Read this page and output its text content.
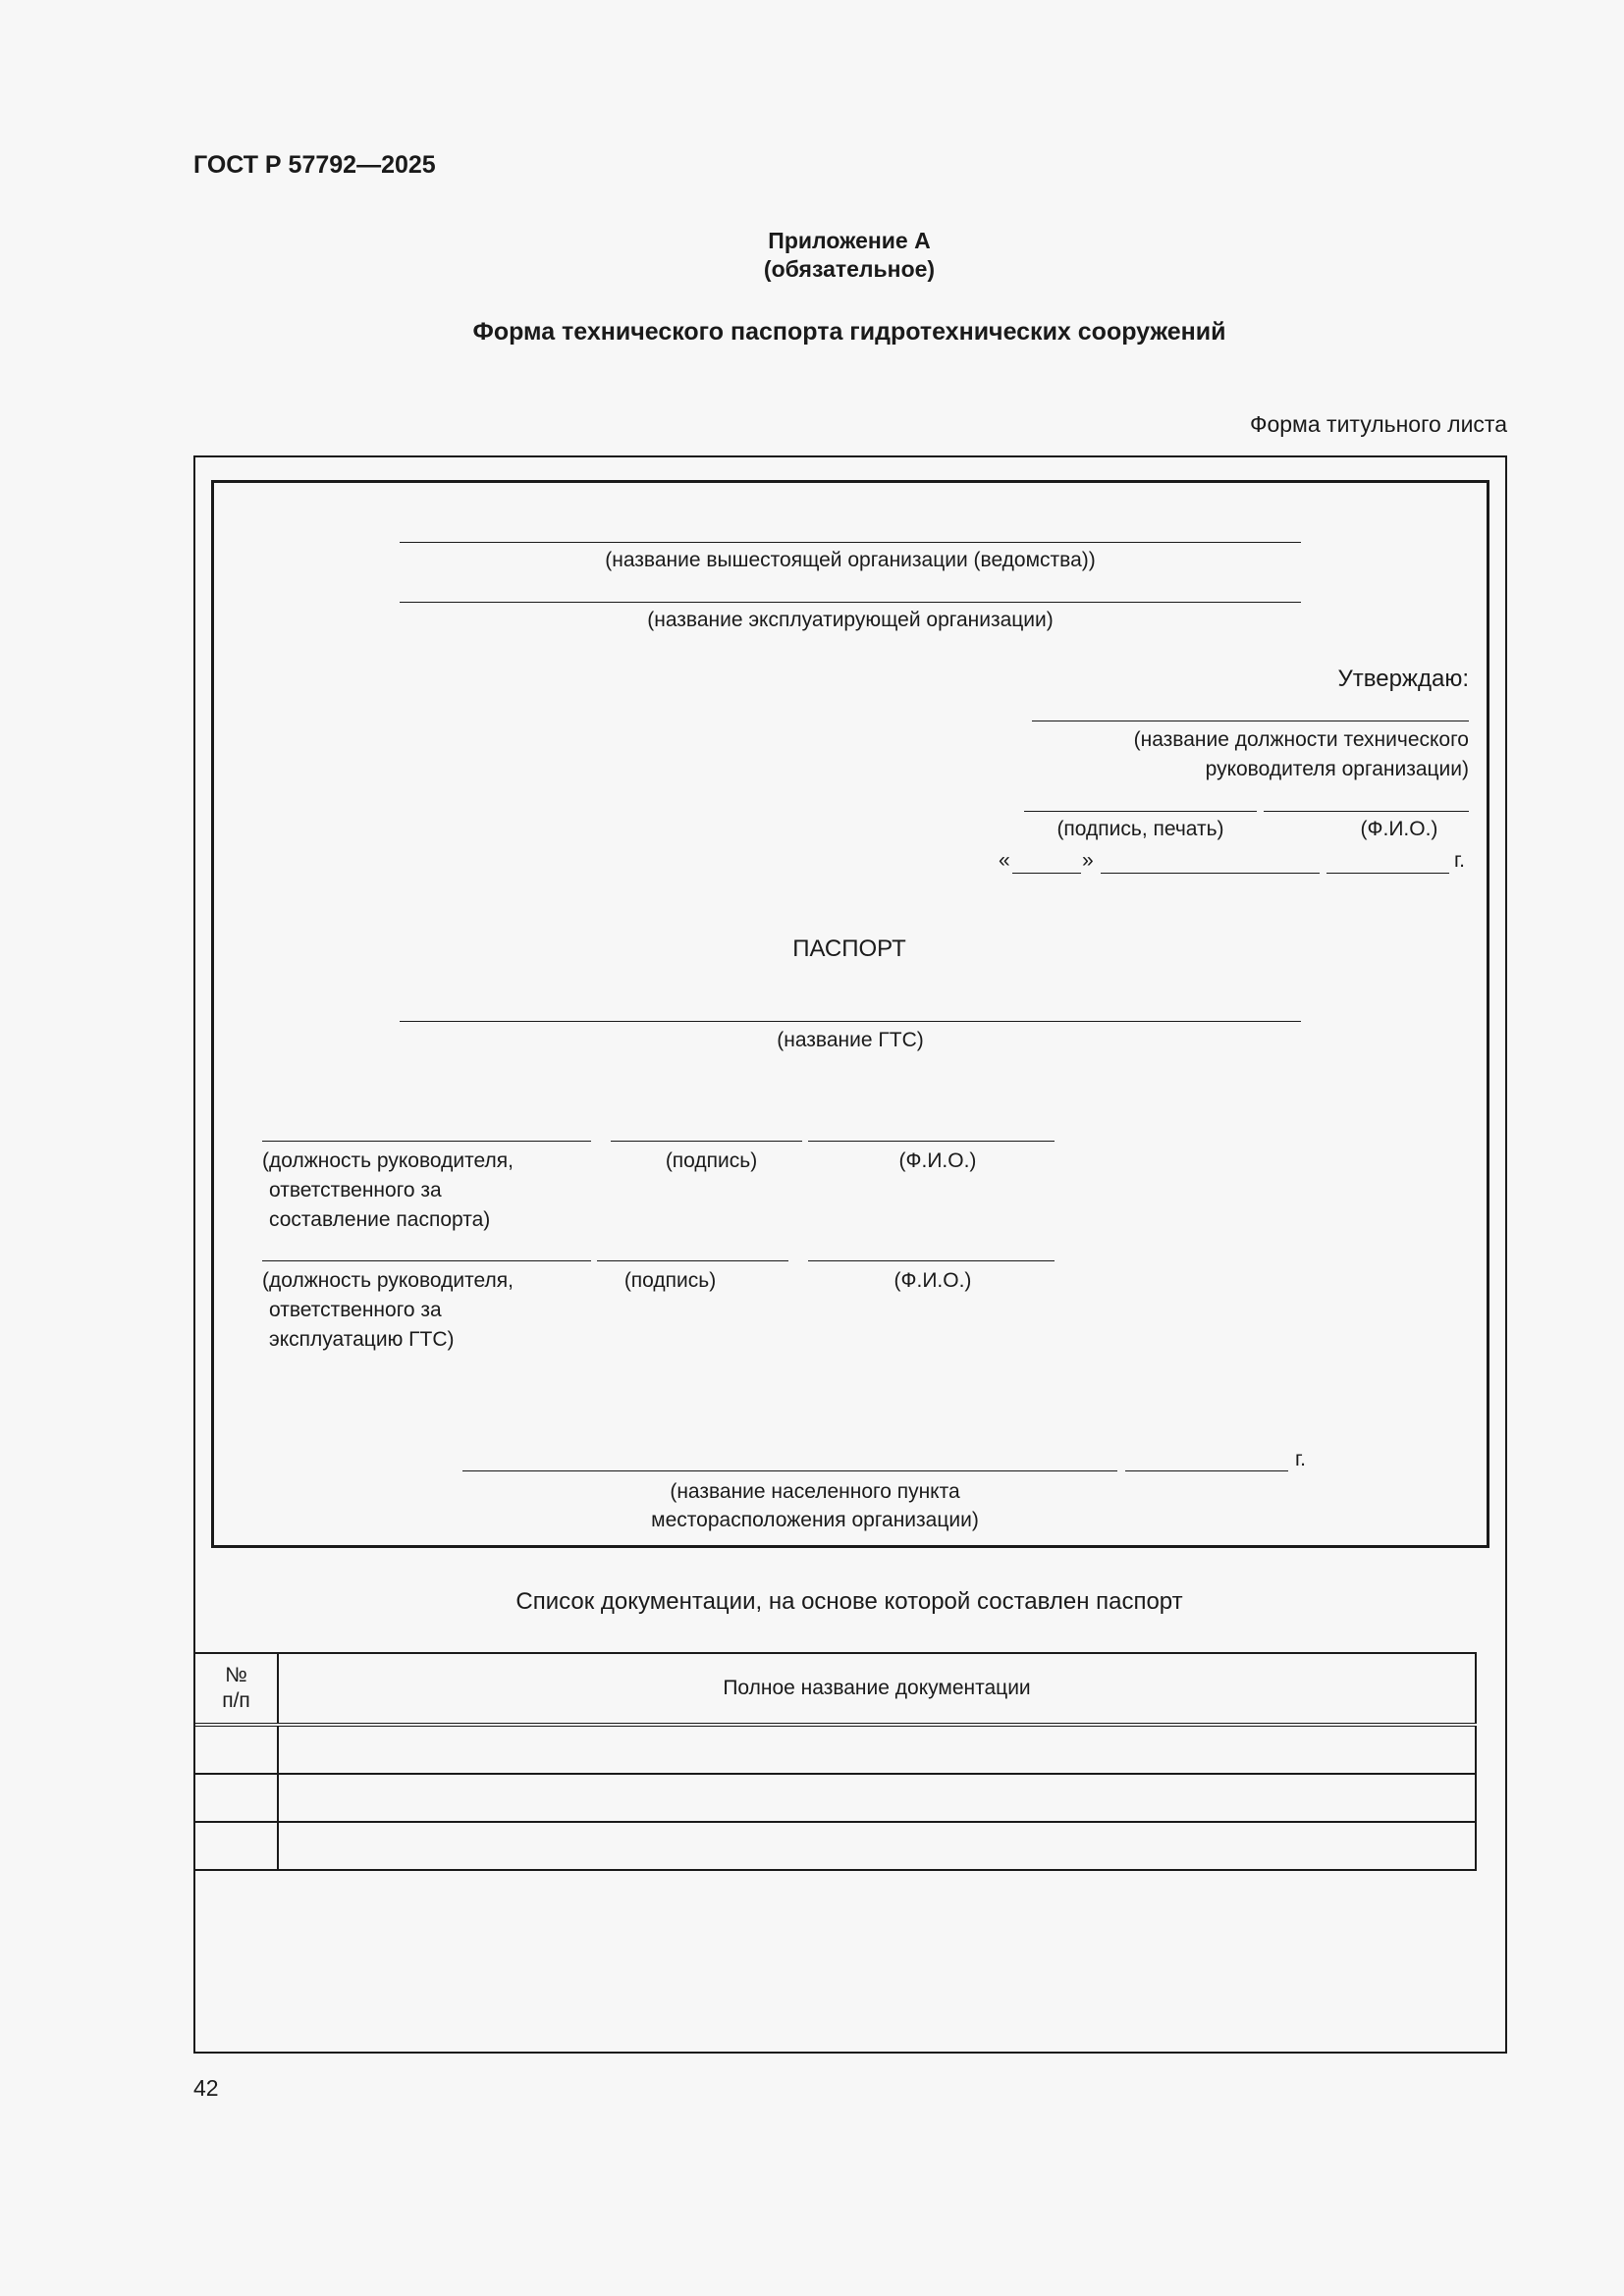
ГОСТ Р 57792—2025
Приложение А
(обязательное)
Форма технического паспорта гидротехнических сооружений
Форма титульного листа
(название вышестоящей организации (ведомства))
(название эксплуатирующей организации)
Утверждаю:
(название должности технического
руководителя организации)
(подпись, печать)	(Ф.И.О.)
«	»	г.
ПАСПОРТ
(название ГТС)
(должность руководителя,
ответственного за
составление паспорта)
(подпись)	(Ф.И.О.)
(должность руководителя,
ответственного за
эксплуатацию ГТС)
(подпись)	(Ф.И.О.)
г.
(название населенного пункта
месторасположения организации)
Список документации, на основе которой составлен паспорт
№
п/п	Полное название документации

42
